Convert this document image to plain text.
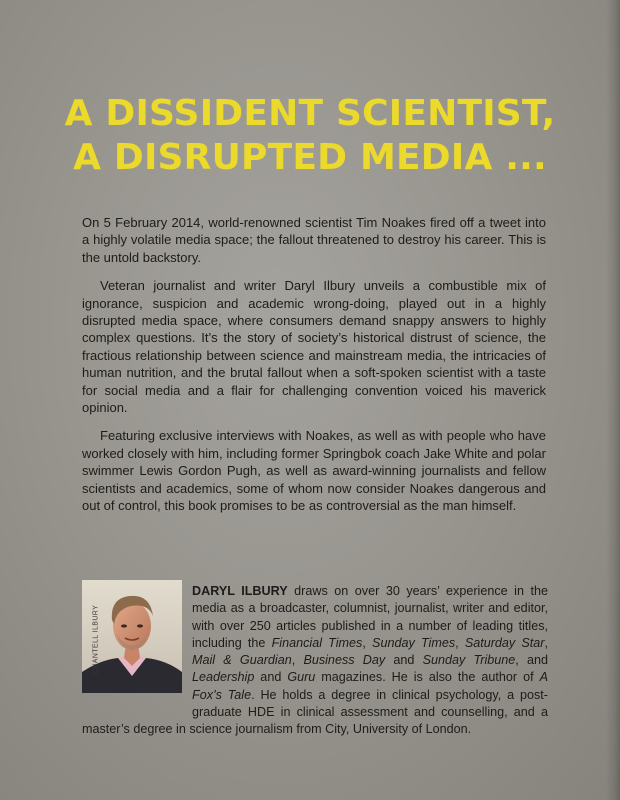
A DISSIDENT SCIENTIST,
A DISRUPTED MEDIA ...

On 5 February 2014, world-renowned scientist Tim Noakes fired off a tweet into a highly volatile media space; the fallout threatened to destroy his career. This is the untold backstory.

Veteran journalist and writer Daryl Ilbury unveils a combustible mix of ignorance, suspicion and academic wrong-doing, played out in a highly disrupted media space, where consumers demand snappy answers to highly complex questions. It’s the story of society’s historical distrust of science, the fractious relationship between science and mainstream media, the intricacies of human nutrition, and the brutal fallout when a soft-spoken scientist with a taste for social media and a flair for challenging convention voiced his maverick opinion.

Featuring exclusive interviews with Noakes, as well as with people who have worked closely with him, including former Springbok coach Jake White and polar swimmer Lewis Gordon Pugh, as well as award-winning journalists and fellow scientists and academics, some of whom now consider Noakes dangerous and out of control, this book promises to be as controversial as the man himself.

CHANTELL ILBURY
DARYL ILBURY draws on over 30 years’ experience in the media as a broadcaster, columnist, journalist, writer and editor, with over 250 articles published in a number of leading titles, including the Financial Times, Sunday Times, Saturday Star, Mail & Guardian, Business Day and Sunday Tribune, and Leadership and Guru magazines. He is also the author of A Fox’s Tale. He holds a degree in clinical psychology, a post-graduate HDE in clinical assessment and counselling, and a master’s degree in science journalism from City, University of London.
